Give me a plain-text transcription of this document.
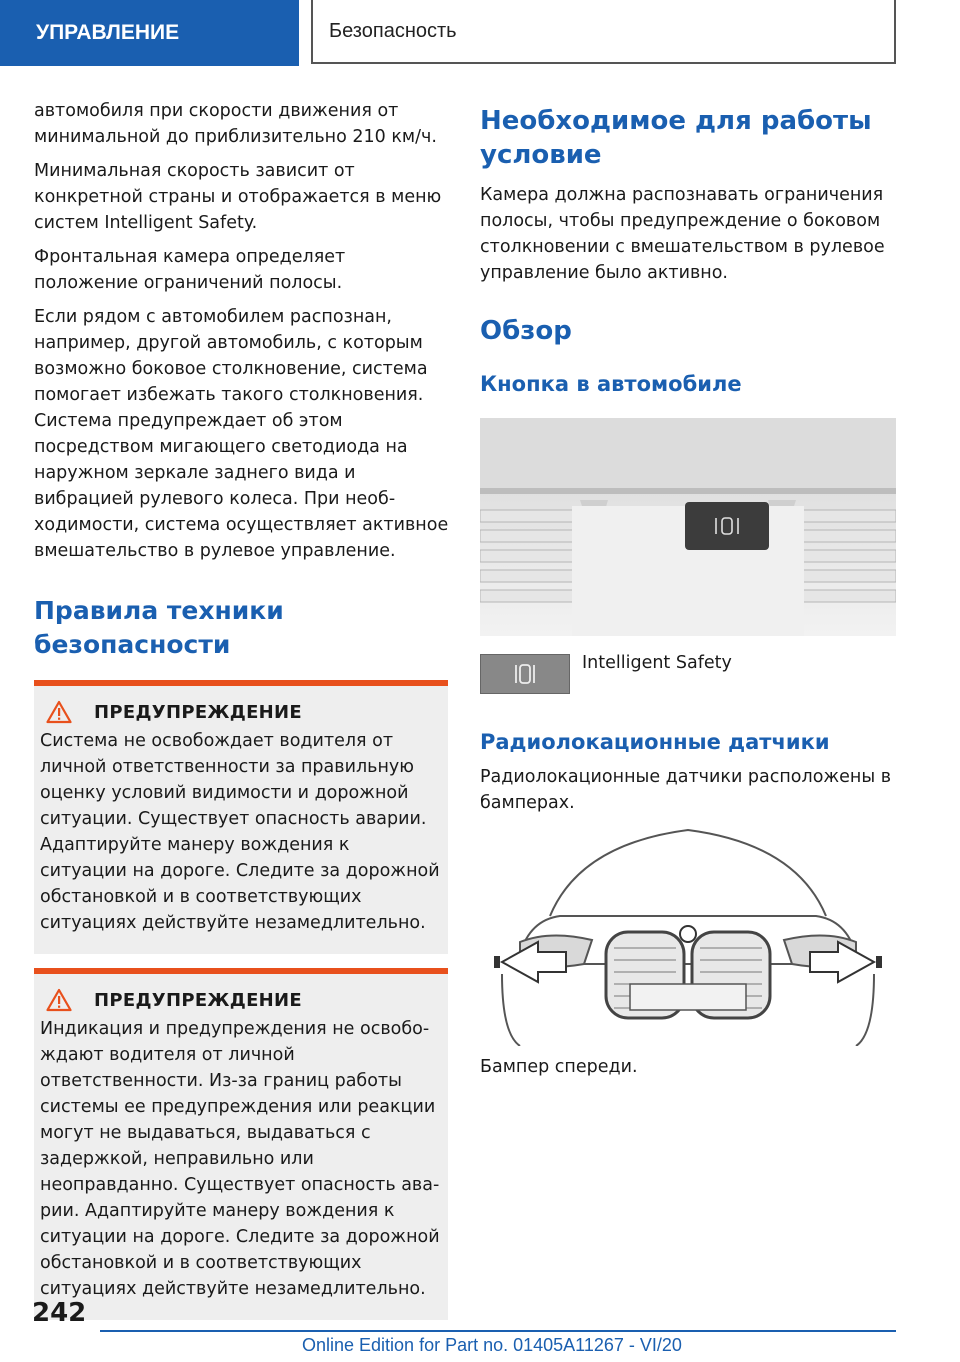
УПРАВЛЕНИЕ	Безопасность

автомобиля при скорости движения от минимальной до приблизительно 210 км/ч.

Минимальная скорость зависит от конкретной страны и отображается в меню систем Intelligent Safety.

Фронтальная камера определяет положение ограничений полосы.

Если рядом с автомобилем распознан, например, другой автомобиль, с которым возможно боковое столкновение, система помогает избежать такого столкновения. Система предупреждает об этом посредством мигающего светодиода на наружном зеркале заднего вида и вибрацией рулевого колеса. При необходимости, система осуществляет активное вмешательство в рулевое управление.

Правила техники безопасности
ПРЕДУПРЕЖДЕНИЕ

Система не освобождает водителя от личной ответственности за правильную оценку условий видимости и дорожной ситуации. Существует опасность аварии. Адаптируйте манеру вождения к ситуации на дороге. Следите за дорожной обстановкой и в соответствующих ситуациях действуйте незамедлительно.

ПРЕДУПРЕЖДЕНИЕ

Индикация и предупреждения не освобождают водителя от личной ответственности. Из-за границ работы системы ее предупреждения или реакции могут не выдаваться, выдаваться с задержкой, неправильно или неоправданно. Существует опасность аварии. Адаптируйте манеру вождения к ситуации на дороге. Следите за дорожной обстановкой и в соответствующих ситуациях действуйте незамедлительно.

Необходимое для работы условие

Камера должна распознавать ограничения полосы, чтобы предупреждение о боковом столкновении с вмешательством в рулевое управление было активно.

Обзор
Кнопка в автомобиле

Intelligent Safety

Радиолокационные датчики

Радиолокационные датчики расположены в бамперах.

Бампер спереди.

242
Online Edition for Part no. 01405A11267 - VI/20
